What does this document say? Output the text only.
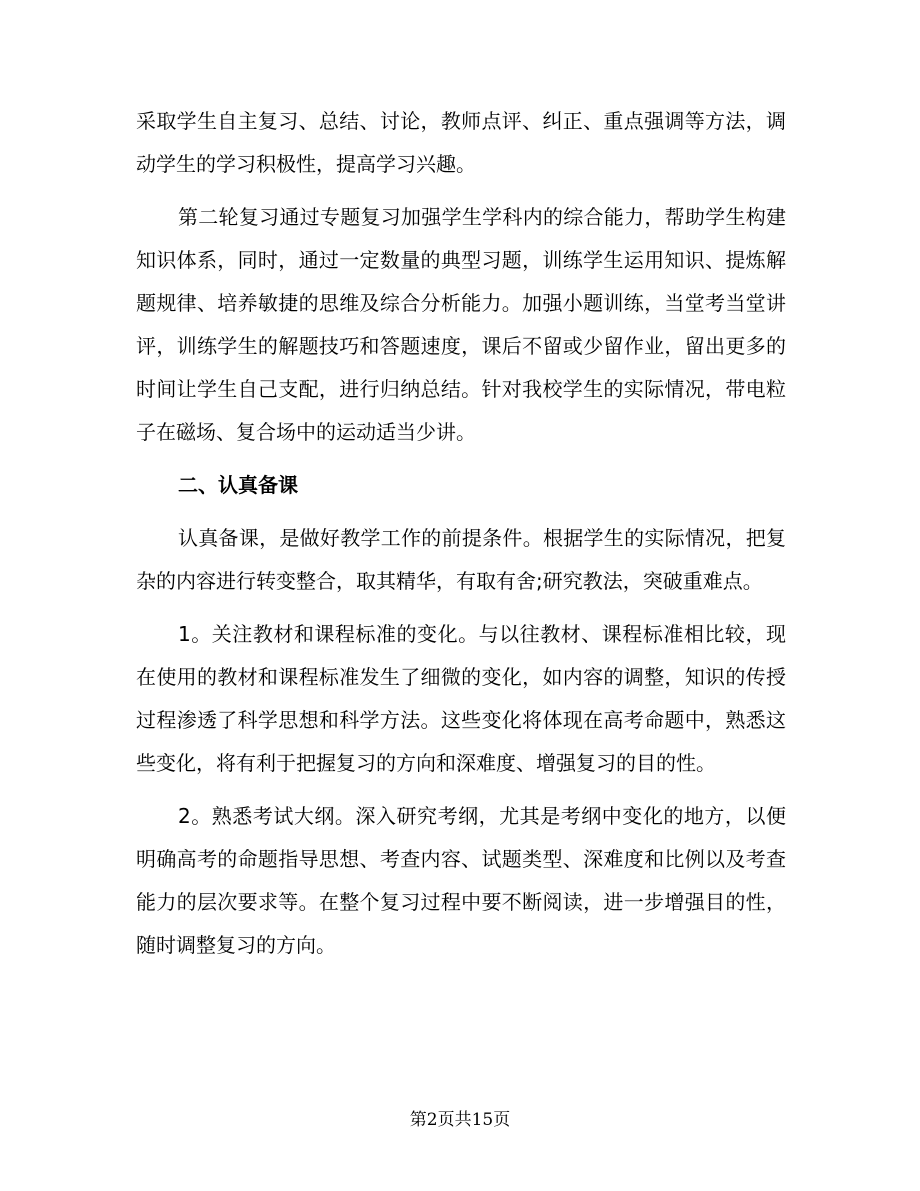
采取学生自主复习、总结、讨论，教师点评、纠正、重点强调等方法，调动学生的学习积极性，提高学习兴趣。

第二轮复习通过专题复习加强学生学科内的综合能力，帮助学生构建知识体系，同时，通过一定数量的典型习题，训练学生运用知识、提炼解题规律、培养敏捷的思维及综合分析能力。加强小题训练，当堂考当堂讲评，训练学生的解题技巧和答题速度，课后不留或少留作业，留出更多的时间让学生自己支配，进行归纳总结。针对我校学生的实际情况，带电粒子在磁场、复合场中的运动适当少讲。

二、认真备课

认真备课，是做好教学工作的前提条件。根据学生的实际情况，把复杂的内容进行转变整合，取其精华，有取有舍;研究教法，突破重难点。

1。关注教材和课程标准的变化。与以往教材、课程标准相比较，现在使用的教材和课程标准发生了细微的变化，如内容的调整，知识的传授过程渗透了科学思想和科学方法。这些变化将体现在高考命题中，熟悉这些变化，将有利于把握复习的方向和深难度、增强复习的目的性。

2。熟悉考试大纲。深入研究考纲，尤其是考纲中变化的地方，以便明确高考的命题指导思想、考查内容、试题类型、深难度和比例以及考查能力的层次要求等。在整个复习过程中要不断阅读，进一步增强目的性，随时调整复习的方向。

第2页共15页
